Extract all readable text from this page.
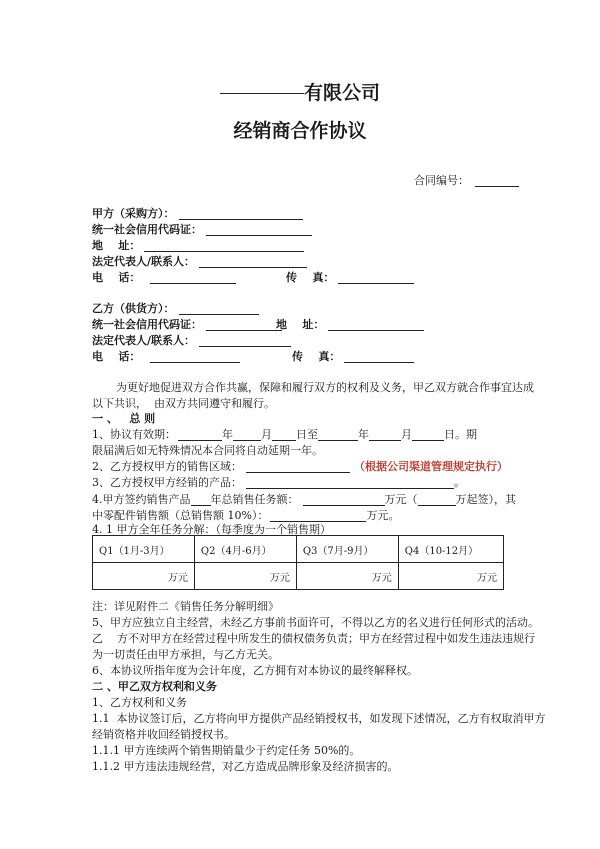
有限公司
经销商合作协议
合同编号：
甲方（采购方）：
统一社会信用代码证：
地    址：
法定代表人/联系人：
电    话：	传    真：
乙方（供货方）：
统一社会信用代码证：	地    址：
法定代表人/联系人：
电    话：	传    真：
为更好地促进双方合作共赢，保障和履行双方的权利及义务，甲乙双方就合作事宜达成
以下共识，  由双方共同遵守和履行。
一 、   总 则
1、协议有效期：	年	月 日至	年	月	日。期
限届满后如无特殊情况本合同将自动延期一年。
2、乙方授权甲方的销售区域：	（根据公司渠道管理规定执行）
3、乙方授权甲方经销的产品：	。
4.甲方签约销售产品 年总销售任务额：	万元（	万起签），其
中零配件销售额（总销售额 10%）：	万元。
4. 1 甲方全年任务分解：（每季度为一个销售期）
Q1（1月-3月）	Q2（4月-6月）	Q3（7月-9月）	Q4（10-12月）
万元	万元	万元	万元
注：详见附件二《销售任务分解明细》
5、甲方应独立自主经营，未经乙方事前书面许可，不得以乙方的名义进行任何形式的活动。
乙    方不对甲方在经营过程中所发生的债权债务负责；甲方在经营过程中如发生违法违规行
为一切责任由甲方承担，与乙方无关。
6、本协议所指年度为会计年度，乙方拥有对本协议的最终解释权。
二 、甲乙双方权利和义务
1、乙方权利和义务
1.1  本协议签订后，乙方将向甲方提供产品经销授权书，如发现下述情况，乙方有权取消甲方
经销资格并收回经销授权书。
1.1.1 甲方连续两个销售期销量少于约定任务 50%的。
1.1.2 甲方违法违规经营，对乙方造成品牌形象及经济损害的。
